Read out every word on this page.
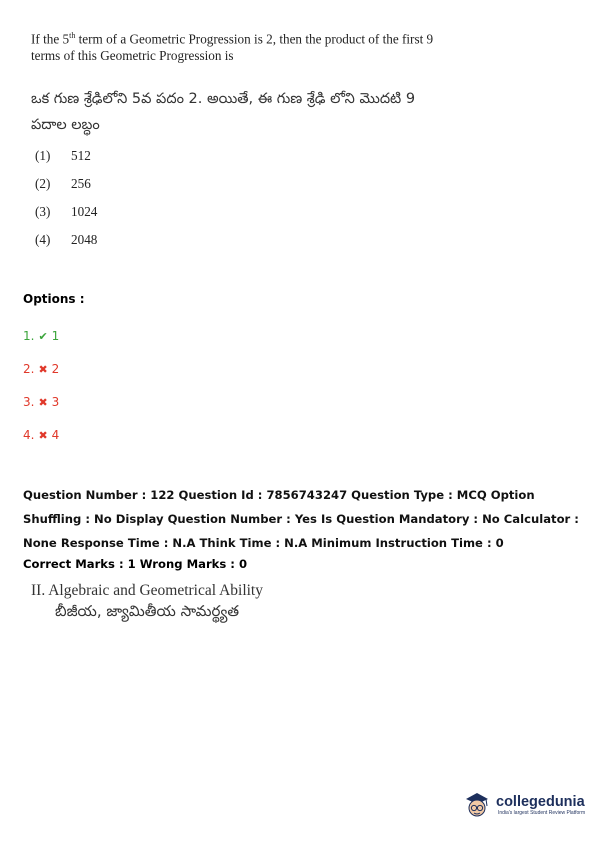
If the 5th term of a Geometric Progression is 2, then the product of the first 9
terms of this Geometric Progression is
ఒక గుణ శ్రేఢిలోని 5వ పదం 2. అయితే, ఈ గుణ శ్రేఢి లోని మొదటి 9
పదాల లబ్ధం
(1)	512
(2)	256
(3)	1024
(4)	2048
Options :
1. ✔ 1
2. ✖ 2
3. ✖ 3
4. ✖ 4
Question Number : 122 Question Id : 7856743247 Question Type : MCQ Option Shuffling : No Display Question Number : Yes Is Question Mandatory : No Calculator : None Response Time : N.A Think Time : N.A Minimum Instruction Time : 0
Correct Marks : 1 Wrong Marks : 0
II. Algebraic and Geometrical Ability
బీజీయ, జ్యామితీయ సామర్థ్యత
collegedunia
India's largest Student Review Platform
